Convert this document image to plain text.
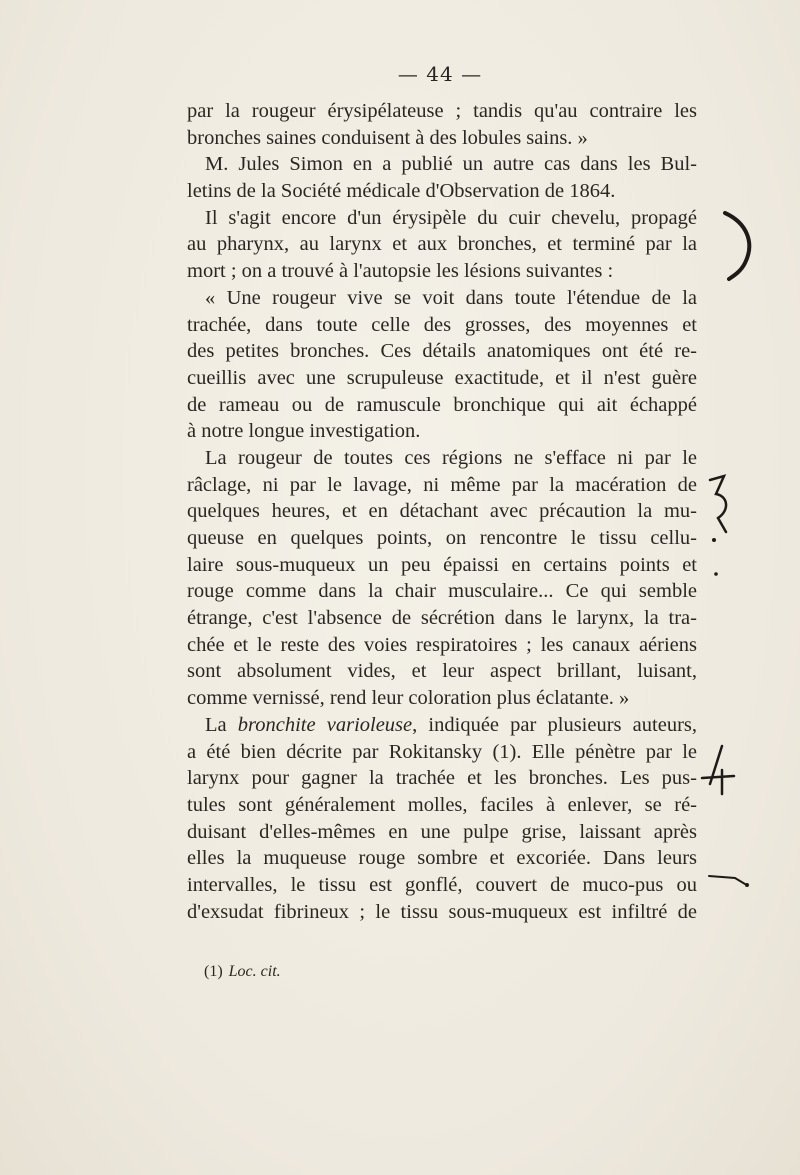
— 44 —
par la rougeur érysipélateuse ; tandis qu'au contraire les
bronches saines conduisent à des lobules sains. »
M. Jules Simon en a publié un autre cas dans les Bul-
letins de la Société médicale d'Observation de 1864.
Il s'agit encore d'un érysipèle du cuir chevelu, propagé
au pharynx, au larynx et aux bronches, et terminé par la
mort ; on a trouvé à l'autopsie les lésions suivantes :
« Une rougeur vive se voit dans toute l'étendue de la
trachée, dans toute celle des grosses, des moyennes et
des petites bronches. Ces détails anatomiques ont été re-
cueillis avec une scrupuleuse exactitude, et il n'est guère
de rameau ou de ramuscule bronchique qui ait échappé
à notre longue investigation.
La rougeur de toutes ces régions ne s'efface ni par le
râclage, ni par le lavage, ni même par la macération de
quelques heures, et en détachant avec précaution la mu-
queuse en quelques points, on rencontre le tissu cellu-
laire sous-muqueux un peu épaissi en certains points et
rouge comme dans la chair musculaire... Ce qui semble
étrange, c'est l'absence de sécrétion dans le larynx, la tra-
chée et le reste des voies respiratoires ; les canaux aériens
sont absolument vides, et leur aspect brillant, luisant,
comme vernissé, rend leur coloration plus éclatante. »
La bronchite varioleuse, indiquée par plusieurs auteurs,
a été bien décrite par Rokitansky (1). Elle pénètre par le
larynx pour gagner la trachée et les bronches. Les pus-
tules sont généralement molles, faciles à enlever, se ré-
duisant d'elles-mêmes en une pulpe grise, laissant après
elles la muqueuse rouge sombre et excoriée. Dans leurs
intervalles, le tissu est gonflé, couvert de muco-pus ou
d'exsudat fibrineux ; le tissu sous-muqueux est infiltré de
(1) Loc. cit.
